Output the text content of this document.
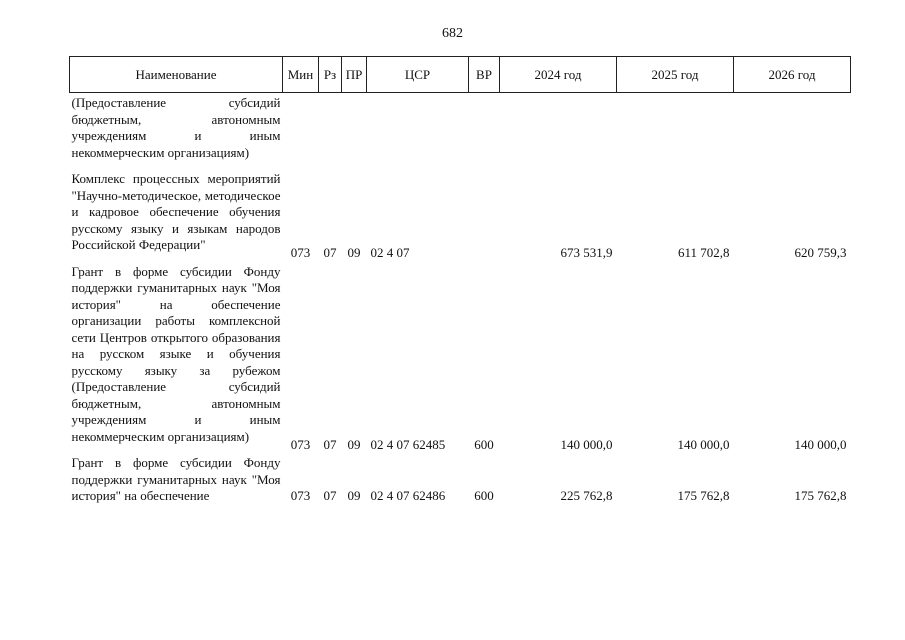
682
Наименование	Мин	Рз	ПР	ЦСР	ВР	2024 год	2025 год	2026 год
(Предоставление субсидий бюджетным, автономным учреждениям и иным некоммерческим организациям)								
Комплекс процессных мероприятий "Научно-методическое, методическое и кадровое обеспечение обучения русскому языку и языкам народов Российской Федерации"	073	07	09	02 4 07		673 531,9	611 702,8	620 759,3
Грант в форме субсидии Фонду поддержки гуманитарных наук "Моя история" на обеспечение организации работы комплексной сети Центров открытого образования на русском языке и обучения русскому языку за рубежом (Предоставление субсидий бюджетным, автономным учреждениям и иным некоммерческим организациям)	073	07	09	02 4 07 62485	600	140 000,0	140 000,0	140 000,0
Грант в форме субсидии Фонду поддержки гуманитарных наук "Моя история" на обеспечение	073	07	09	02 4 07 62486	600	225 762,8	175 762,8	175 762,8
